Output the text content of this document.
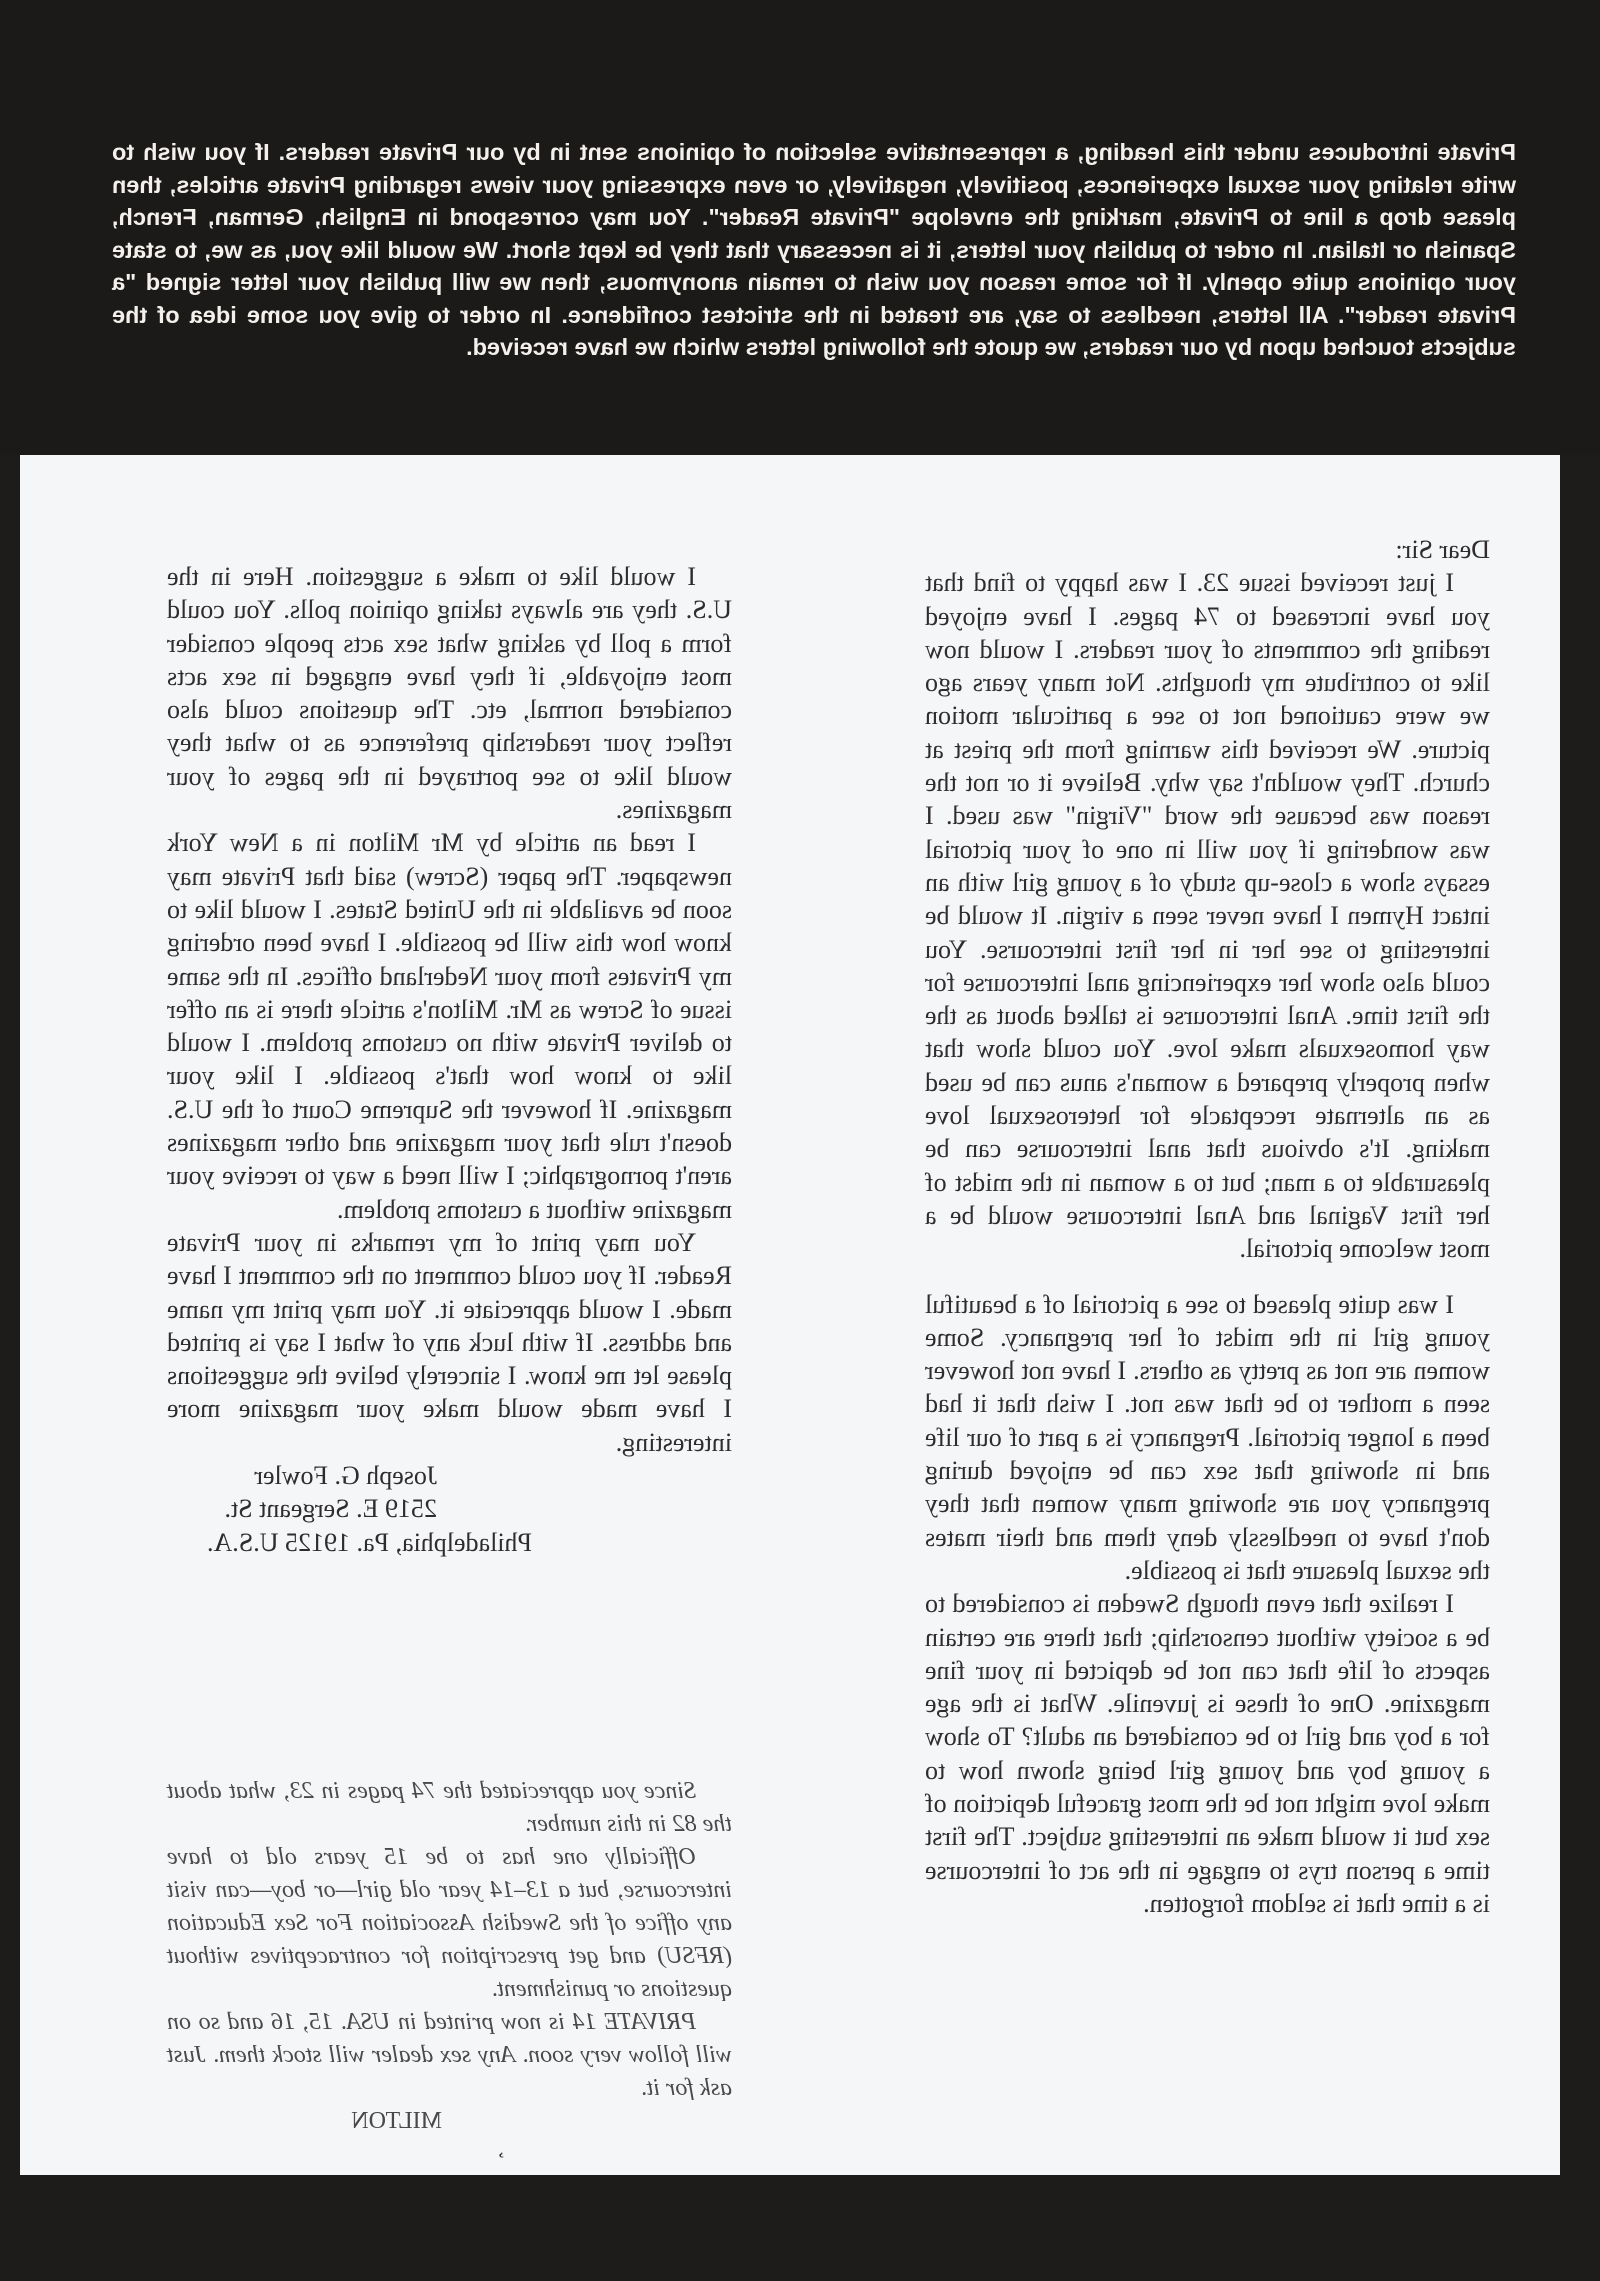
Private introduces under this heading, a representative selection of opinions sent in by our Private readers. If you wish to write relating your sexual experiences, positively, negatively, or even expressing your views regarding Private articles, then please drop a line to Private, marking the envelope "Private Reader". You may correspond in English, German, French, Spanish or Italian. In order to publish your letters, it is necessary that they be kept short. We would like you, as we, to state your opinions quite openly. If for some reason you wish to remain anonymous, then we will publish your letter signed "a Private reader". All letters, needless to say, are treated in the strictest confidence. In order to give you some idea of the subjects touched upon by our readers, we quote the following letters which we have received.

Dear Sir:

I just received issue 23. I was happy to find that you have increased to 74 pages. I have enjoyed reading the comments of your readers. I would now like to contribute my thoughts. Not many years ago we were cautioned not to see a particular motion picture. We received this warning from the priest at church. They wouldn't say why. Believe it or not the reason was because the word "Virgin" was used. I was wondering if you will in one of your pictorial essays show a close-up study of a young girl with an intact Hymen I have never seen a virgin. It would be interesting to see her in her first intercourse. You could also show her experiencing anal intercourse for the first time. Anal intercourse is talked about as the way homosexuals make love. You could show that when properly prepared a woman's anus can be used as an alternate receptacle for heterosexual love making. It's obvious that anal intercourse can be pleasurable to a man; but to a woman in the midst of her first Vaginal and Anal intercourse would be a most welcome pictorial.

I was quite pleased to see a pictorial of a beautiful young girl in the midst of her pregnancy. Some women are not as pretty as others. I have not however seen a mother to be that was not. I wish that it had been a longer pictorial. Pregnancy is a part of our life and in showing that sex can be enjoyed during pregnancy you are showing many women that they don't have to needlessly deny them and their mates the sexual pleasure that is possible.

I realize that even though Sweden is considered to be a society without censorship; that there are certain aspects of life that can not be depicted in your fine magazine. One of these is juvenile. What is the age for a boy and girl to be considered an adult? To show a young boy and young girl being shown how to make love might not be the most graceful depiction of sex but it would make an interesting subject. The first time a person trys to engage in the act of intercourse is a time that is seldom forgotten.

I would like to make a suggestion. Here in the U.S. they are always taking opinion polls. You could form a poll by asking what sex acts people consider most enjoyable, if they have engaged in sex acts considered normal, etc. The questions could also reflect your readership preference as to what they would like to see portrayed in the pages of your magazines.

I read an article by Mr Milton in a New York newspaper. The paper (Screw) said that Private may soon be available in the United States. I would like to know how this will be possible. I have been ordering my Privates from your Nederland offices. In the same issue of Screw as Mr. Milton's article there is an offer to deliver Private with no customs problem. I would like to know how that's possible. I like your magazine. If however the Supreme Court of the U.S. doesn't rule that your magazine and other magazines aren't pornographic; I will need a way to receive your magazine without a customs problem.

You may print of my remarks in your Private Reader. If you could comment on the comment I have made. I would appreciate it. You may print my name and address. If with luck any of what I say is printed please let me know. I sincerely belive the suggestions I have made would make your magazine more interesting.

Joseph G. Fowler

2519 E. Sergeant St.

Philadelphia, Pa. 19125 U.S.A.

Since you appreciated the 74 pages in 23, what about the 82 in this number.

Officially one has to be 15 years old to have intercourse, but a 13–14 year old girl—or boy—can visit any office of the Swedish Association For Sex Education (RFSU) and get prescription for contraceptives without questions or punishment.

PRIVATE 14 is now printed in USA. 15, 16 and so on will follow very soon. Any sex dealer will stock them. Just ask for it.

MILTON

¸
